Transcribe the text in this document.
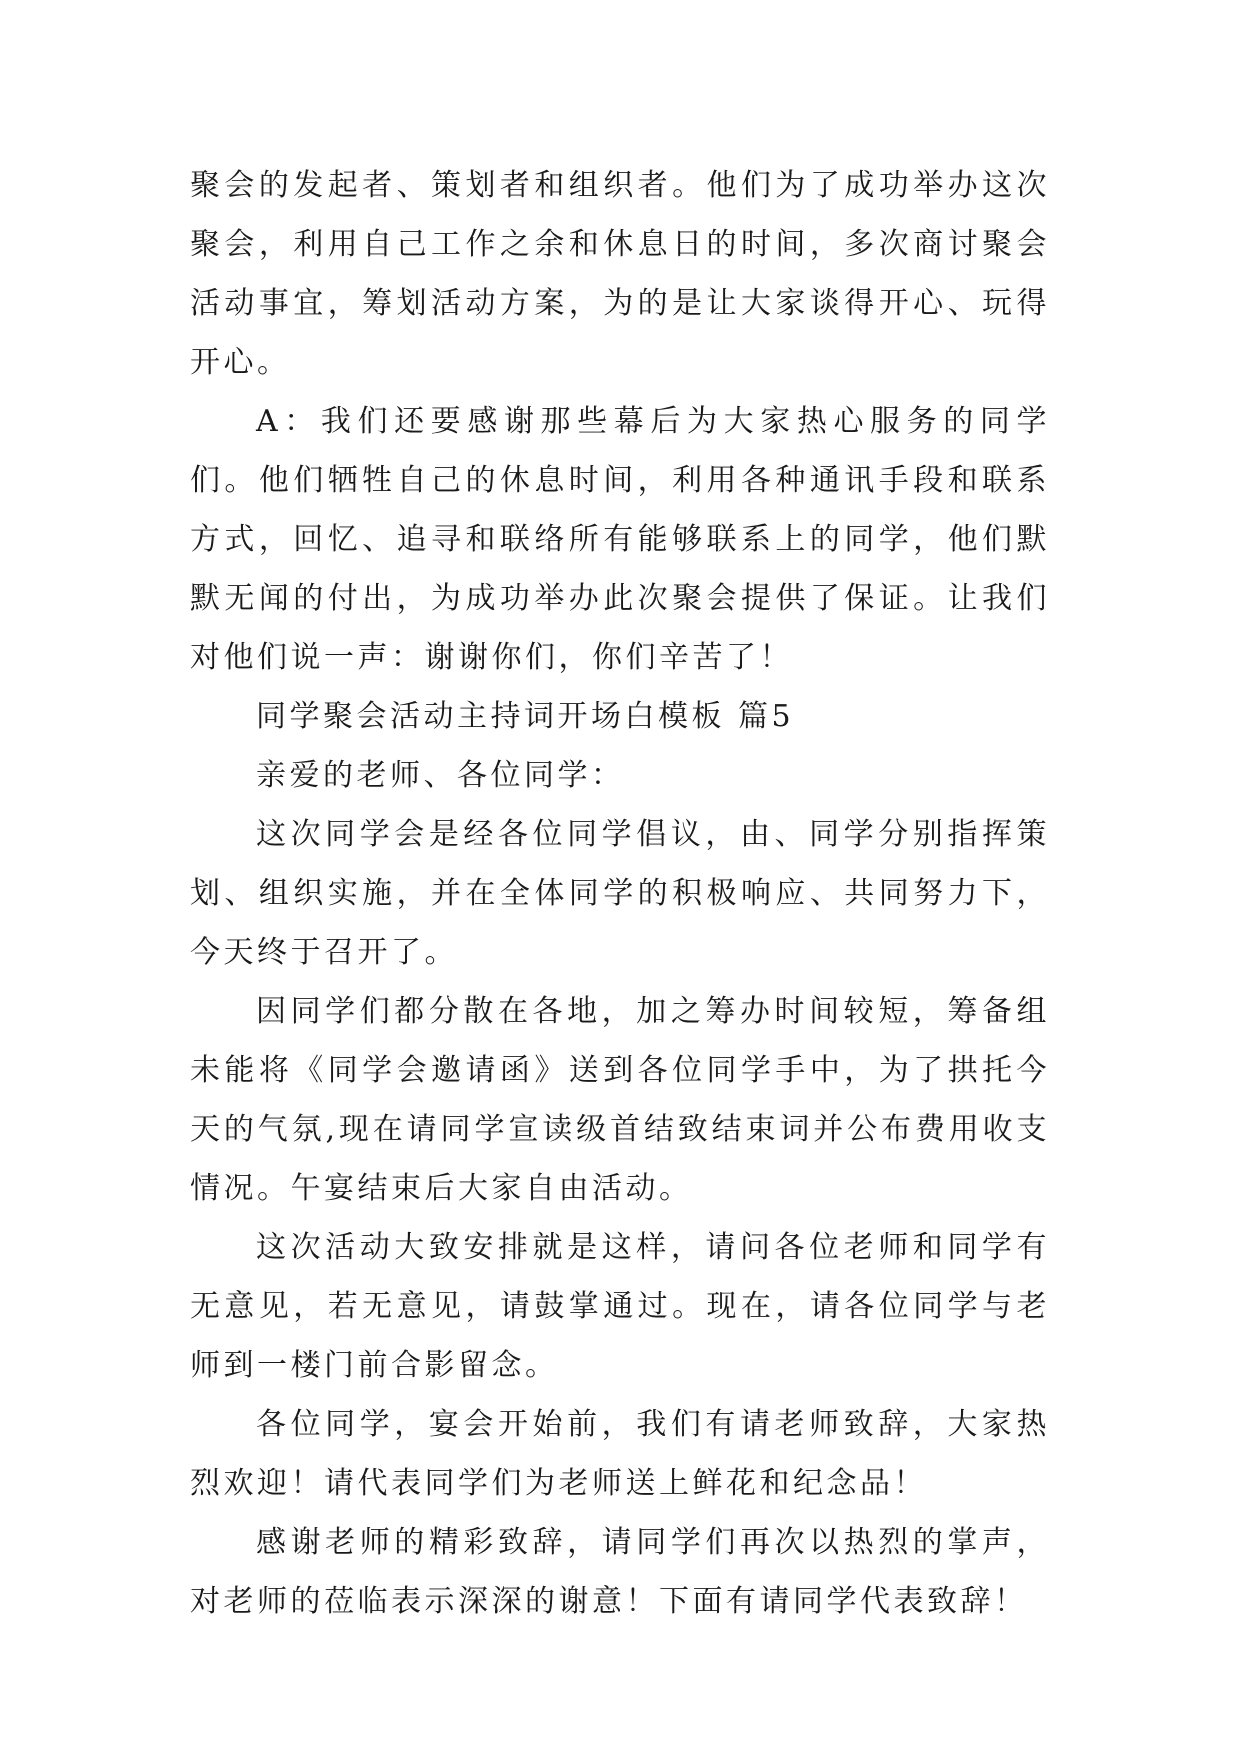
聚会的发起者、策划者和组织者。他们为了成功举办这次聚会，利用自己工作之余和休息日的时间，多次商讨聚会活动事宜，筹划活动方案，为的是让大家谈得开心、玩得开心。

A：我们还要感谢那些幕后为大家热心服务的同学们。他们牺牲自己的休息时间，利用各种通讯手段和联系方式，回忆、追寻和联络所有能够联系上的同学，他们默默无闻的付出，为成功举办此次聚会提供了保证。让我们对他们说一声：谢谢你们，你们辛苦了！

同学聚会活动主持词开场白模板 篇5

亲爱的老师、各位同学：

这次同学会是经各位同学倡议，由、同学分别指挥策划、组织实施，并在全体同学的积极响应、共同努力下，今天终于召开了。

因同学们都分散在各地，加之筹办时间较短，筹备组未能将《同学会邀请函》送到各位同学手中，为了拱托今天的气氛,现在请同学宣读级首结致结束词并公布费用收支情况。午宴结束后大家自由活动。

这次活动大致安排就是这样，请问各位老师和同学有无意见，若无意见，请鼓掌通过。现在，请各位同学与老师到一楼门前合影留念。

各位同学，宴会开始前，我们有请老师致辞，大家热烈欢迎！请代表同学们为老师送上鲜花和纪念品！

感谢老师的精彩致辞，请同学们再次以热烈的掌声，对老师的莅临表示深深的谢意！下面有请同学代表致辞！
